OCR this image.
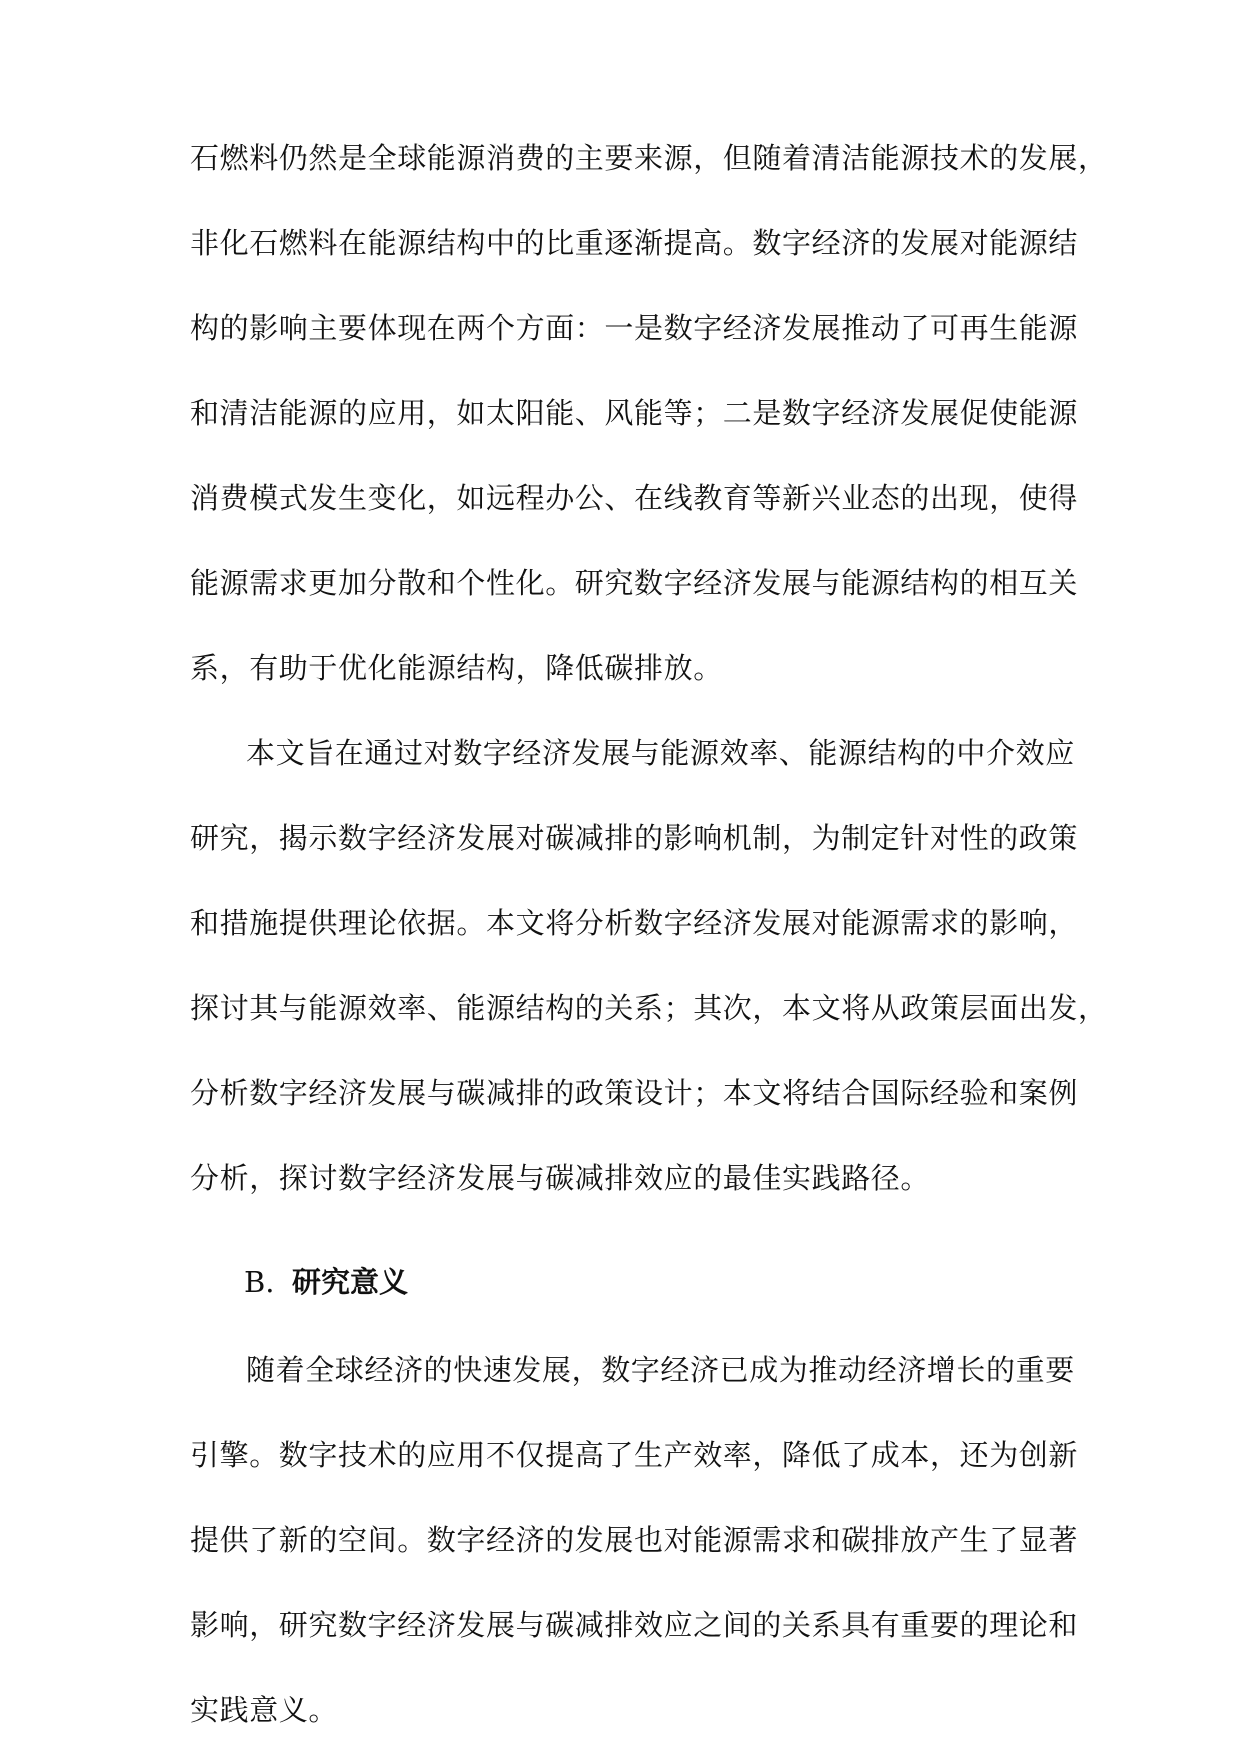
石燃料仍然是全球能源消费的主要来源，但随着清洁能源技术的发展，
非化石燃料在能源结构中的比重逐渐提高。数字经济的发展对能源结
构的影响主要体现在两个方面：一是数字经济发展推动了可再生能源
和清洁能源的应用，如太阳能、风能等；二是数字经济发展促使能源
消费模式发生变化，如远程办公、在线教育等新兴业态的出现，使得
能源需求更加分散和个性化。研究数字经济发展与能源结构的相互关
系，有助于优化能源结构，降低碳排放。
本文旨在通过对数字经济发展与能源效率、能源结构的中介效应
研究，揭示数字经济发展对碳减排的影响机制，为制定针对性的政策
和措施提供理论依据。本文将分析数字经济发展对能源需求的影响，
探讨其与能源效率、能源结构的关系；其次，本文将从政策层面出发，
分析数字经济发展与碳减排的政策设计；本文将结合国际经验和案例
分析，探讨数字经济发展与碳减排效应的最佳实践路径。
B. 研究意义
随着全球经济的快速发展，数字经济已成为推动经济增长的重要
引擎。数字技术的应用不仅提高了生产效率，降低了成本，还为创新
提供了新的空间。数字经济的发展也对能源需求和碳排放产生了显著
影响，研究数字经济发展与碳减排效应之间的关系具有重要的理论和
实践意义。
